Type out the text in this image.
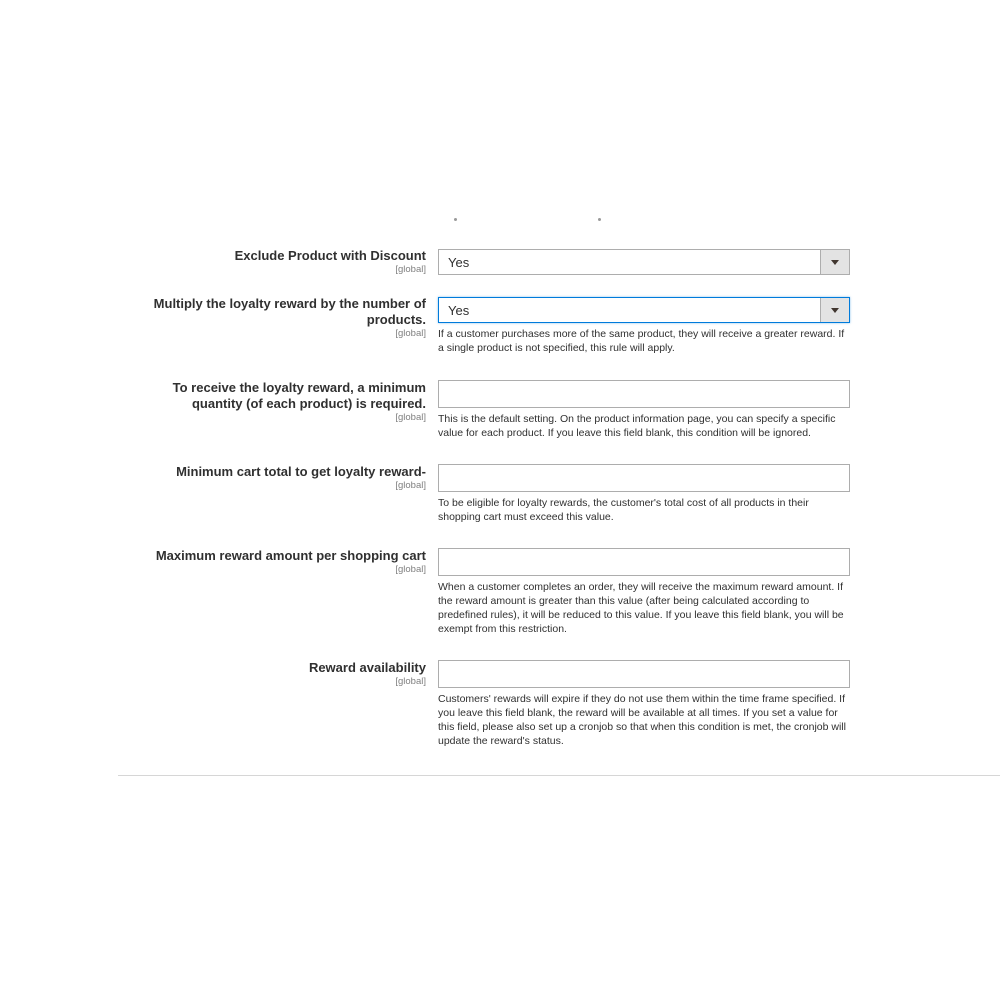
Exclude Product with Discount
[global] Yes
Multiply the loyalty reward by the number of products.
[global]
Yes
If a customer purchases more of the same product, they will receive a greater reward. If a single product is not specified, this rule will apply.
To receive the loyalty reward, a minimum quantity (of each product) is required.
[global] This is the default setting. On the product information page, you can specify a specific value for each product. If you leave this field blank, this condition will be ignored.
Minimum cart total to get loyalty reward-
[global]
To be eligible for loyalty rewards, the customer's total cost of all products in their shopping cart must exceed this value.
Maximum reward amount per shopping cart
[global]
When a customer completes an order, they will receive the maximum reward amount. If the reward amount is greater than this value (after being calculated according to predefined rules), it will be reduced to this value. If you leave this field blank, you will be exempt from this restriction.
Reward availability
[global]
Customers' rewards will expire if they do not use them within the time frame specified. If you leave this field blank, the reward will be available at all times. If you set a value for this field, please also set up a cronjob so that when this condition is met, the cronjob will update the reward's status.
